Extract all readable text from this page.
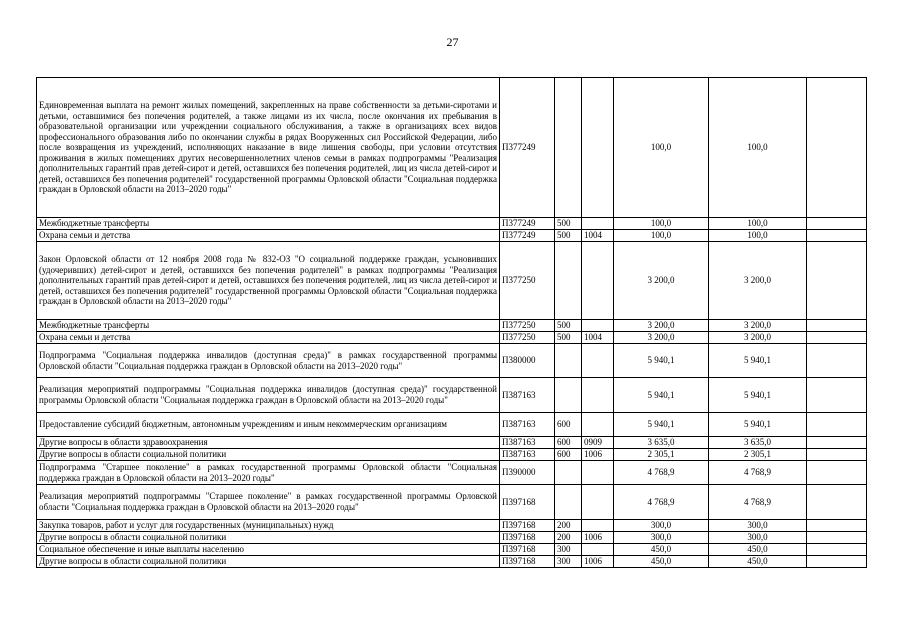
27
Единовременная выплата на ремонт жилых помещений, закрепленных на праве собственности за детьми-сиротами и детьми, оставшимися без попечения родителей, а также лицами из их числа, после окончания их пребывания в образовательной организации или учреждении социального обслуживания, а также в организациях всех видов профессионального образования либо по окончании службы в рядах Вооруженных сил Российской Федерации, либо после возвращения из учреждений, исполняющих наказание в виде лишения свободы, при условии отсутствия проживания в жилых помещениях других несовершеннолетних членов семьи в рамках подпрограммы "Реализация дополнительных гарантий прав детей-сирот и детей, оставшихся без попечения родителей, лиц из числа детей-сирот и детей, оставшихся без попечения родителей" государственной программы Орловской области "Социальная поддержка граждан в Орловской области на 2013–2020 годы"	П377249			100,0	100,0	
Межбюджетные трансферты	П377249	500		100,0	100,0	
Охрана семьи и детства	П377249	500	1004	100,0	100,0	
Закон Орловской области от 12 ноября 2008 года № 832-ОЗ "О социальной поддержке граждан, усыновивших (удочеривших) детей-сирот и детей, оставшихся без попечения родителей" в рамках подпрограммы "Реализация дополнительных гарантий прав детей-сирот и детей, оставшихся без попечения родителей, лиц из числа детей-сирот и детей, оставшихся без попечения родителей" государственной программы Орловской области "Социальная поддержка граждан в Орловской области на 2013–2020 годы"	П377250			3 200,0	3 200,0	
Межбюджетные трансферты	П377250	500		3 200,0	3 200,0	
Охрана семьи и детства	П377250	500	1004	3 200,0	3 200,0	
Подпрограмма "Социальная поддержка инвалидов (доступная среда)" в рамках государственной программы Орловской области "Социальная поддержка граждан в Орловской области на 2013–2020 годы"	П380000			5 940,1	5 940,1	
Реализация мероприятий подпрограммы "Социальная поддержка инвалидов (доступная среда)" государственной программы Орловской области "Социальная поддержка граждан в Орловской области на 2013–2020 годы"	П387163			5 940,1	5 940,1	
Предоставление субсидий бюджетным, автономным учреждениям и иным некоммерческим организациям	П387163	600		5 940,1	5 940,1	
Другие вопросы в области здравоохранения	П387163	600	0909	3 635,0	3 635,0	
Другие вопросы в области социальной политики	П387163	600	1006	2 305,1	2 305,1	
Подпрограмма "Старшее поколение" в рамках государственной программы Орловской области "Социальная поддержка граждан в Орловской области на 2013–2020 годы"	П390000			4 768,9	4 768,9	
Реализация мероприятий подпрограммы "Старшее поколение" в рамках государственной программы Орловской области "Социальная поддержка граждан в Орловской области на 2013–2020 годы"	П397168			4 768,9	4 768,9	
Закупка товаров, работ и услуг для государственных (муниципальных) нужд	П397168	200		300,0	300,0	
Другие вопросы в области социальной политики	П397168	200	1006	300,0	300,0	
Социальное обеспечение и иные выплаты населению	П397168	300		450,0	450,0	
Другие вопросы в области социальной политики	П397168	300	1006	450,0	450,0	
